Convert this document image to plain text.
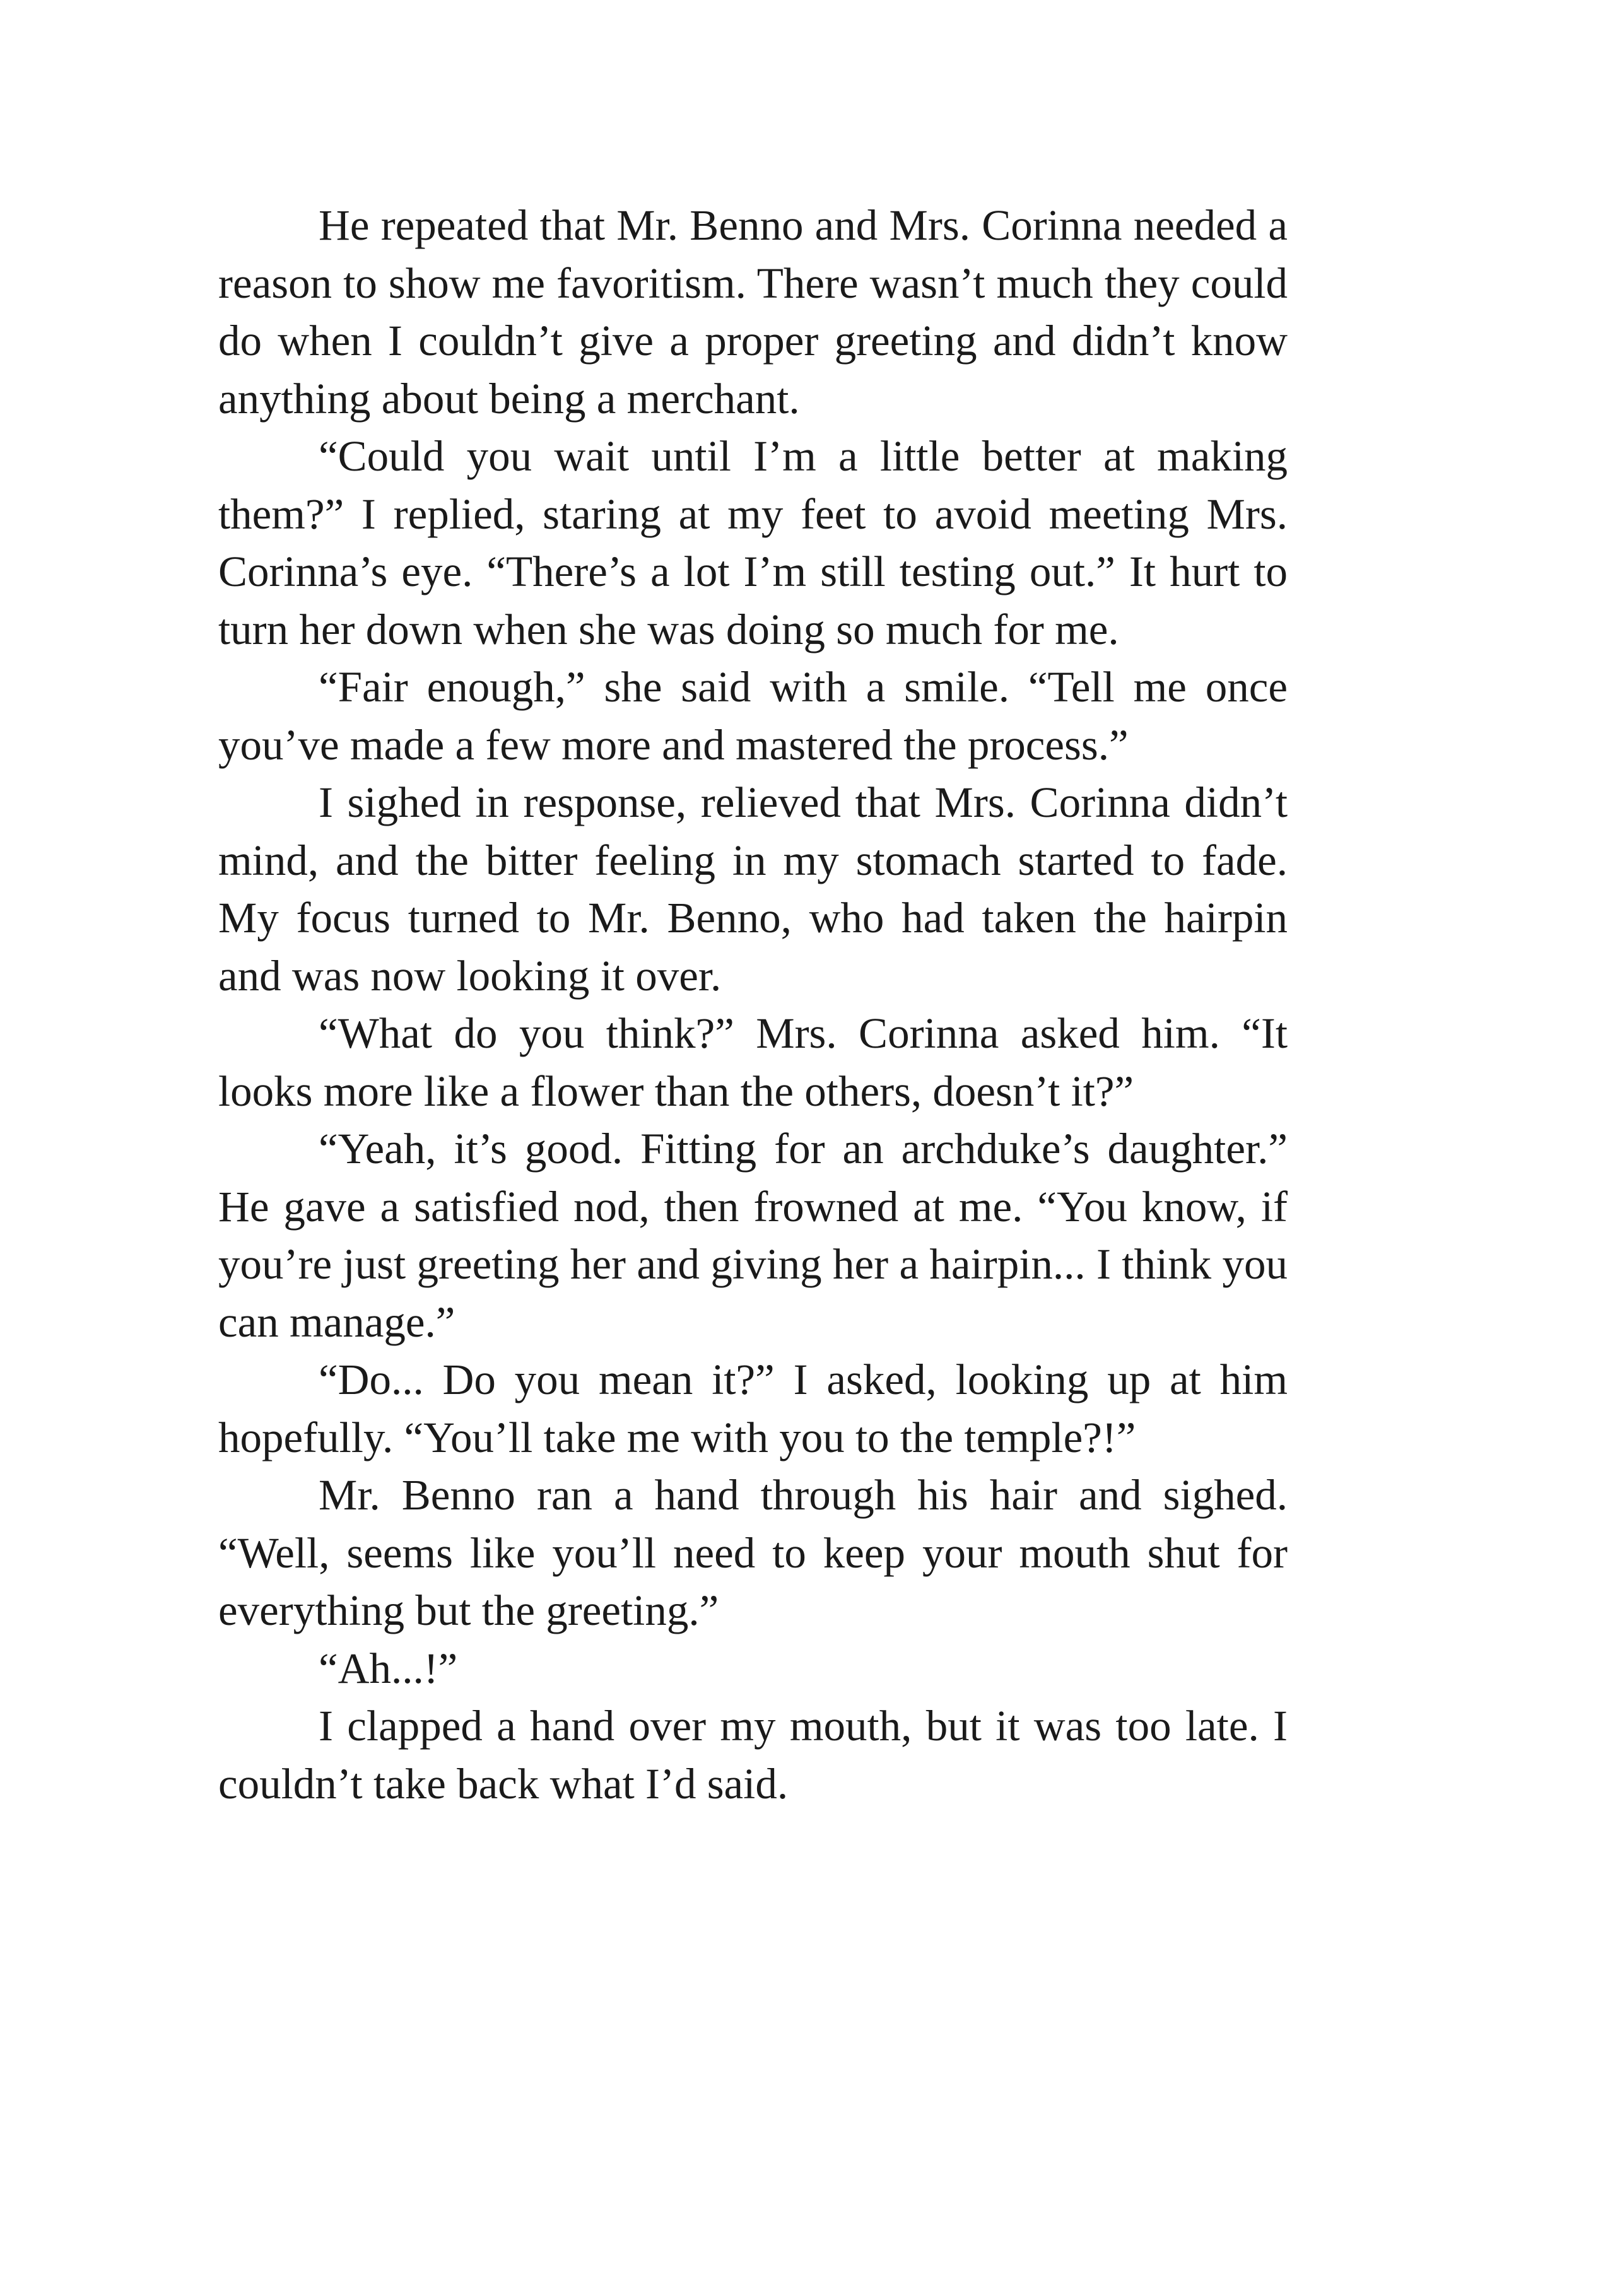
He repeated that Mr. Benno and Mrs. Corinna needed a reason to show me favoritism. There wasn’t much they could do when I couldn’t give a proper greeting and didn’t know anything about being a merchant.

“Could you wait until I’m a little better at making them?” I replied, staring at my feet to avoid meeting Mrs. Corinna’s eye. “There’s a lot I’m still testing out.” It hurt to turn her down when she was doing so much for me.

“Fair enough,” she said with a smile. “Tell me once you’ve made a few more and mastered the process.”

I sighed in response, relieved that Mrs. Corinna didn’t mind, and the bitter feeling in my stomach started to fade. My focus turned to Mr. Benno, who had taken the hairpin and was now looking it over.

“What do you think?” Mrs. Corinna asked him. “It looks more like a flower than the others, doesn’t it?”

“Yeah, it’s good. Fitting for an archduke’s daughter.” He gave a satisfied nod, then frowned at me. “You know, if you’re just greeting her and giving her a hairpin... I think you can manage.”

“Do... Do you mean it?” I asked, looking up at him hopefully. “You’ll take me with you to the temple?!”

Mr. Benno ran a hand through his hair and sighed. “Well, seems like you’ll need to keep your mouth shut for everything but the greeting.”

“Ah...!”

I clapped a hand over my mouth, but it was too late. I couldn’t take back what I’d said.
